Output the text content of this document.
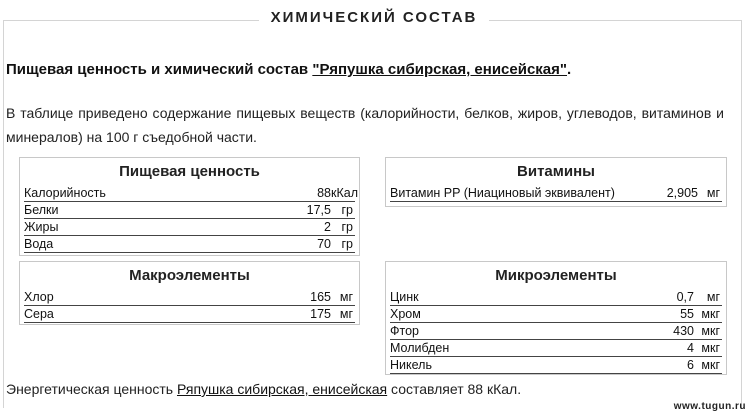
ХИМИЧЕСКИЙ СОСТАВ
Пищевая ценность и химический состав "Ряпушка сибирская, енисейская".
В таблице приведено содержание пищевых веществ (калорийности, белков, жиров, углеводов, витаминов и минералов) на 100 г съедобной части.
Пищевая ценность
Калорийность	88кКал
Белки	17,5 гр
Жиры	2 гр
Вода	70 гр
Витамины
Витамин PP (Ниациновый эквивалент)	2,905 мг
Макроэлементы
Хлор	165 мг
Сера	175 мг
Микроэлементы
Цинк	0,7 мг
Хром	55 мкг
Фтор	430 мкг
Молибден	4 мкг
Никель	6 мкг
Энергетическая ценность Ряпушка сибирская, енисейская составляет 88 кКал.
www.tugun.ru
